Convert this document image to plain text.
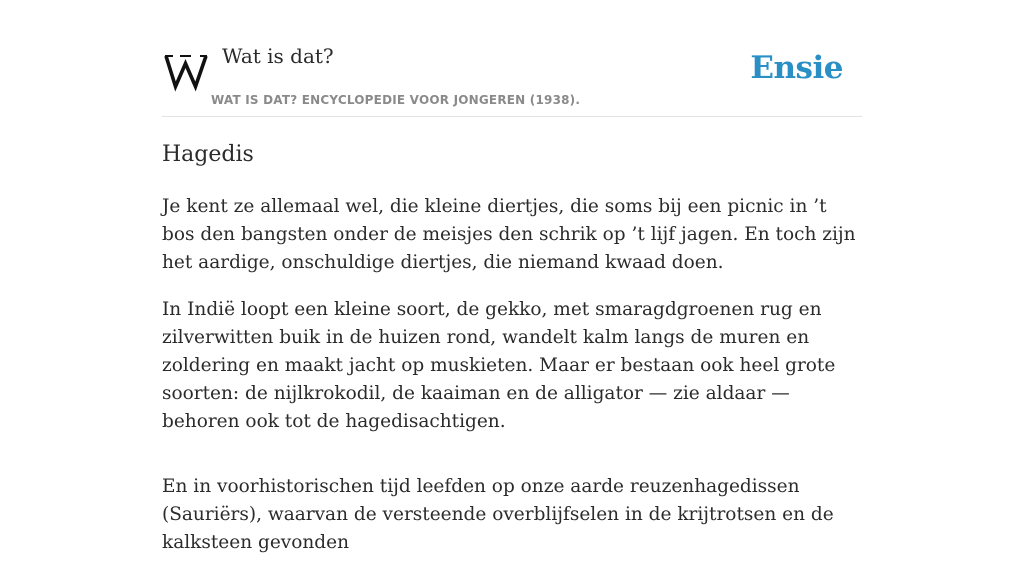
Wat is dat?
WAT IS DAT? ENCYCLOPEDIE VOOR JONGEREN (1938).
Ensie
Hagedis

Je kent ze allemaal wel, die kleine diertjes, die soms bij een picnic in ’t bos den bangsten onder de meisjes den schrik op ’t lijf jagen. En toch zijn het aardige, onschuldige diertjes, die niemand kwaad doen.

In Indië loopt een kleine soort, de gekko, met smaragdgroenen rug en zilverwitten buik in de huizen rond, wandelt kalm langs de muren en zoldering en maakt jacht op muskieten. Maar er bestaan ook heel grote soorten: de nijlkrokodil, de kaaiman en de alligator — zie aldaar — behoren ook tot de hagedisachtigen.

En in voorhistorischen tijd leefden op onze aarde reuzenhagedissen (Sauriërs), waarvan de versteende overblijfselen in de krijtrotsen en de kalksteen gevonden
